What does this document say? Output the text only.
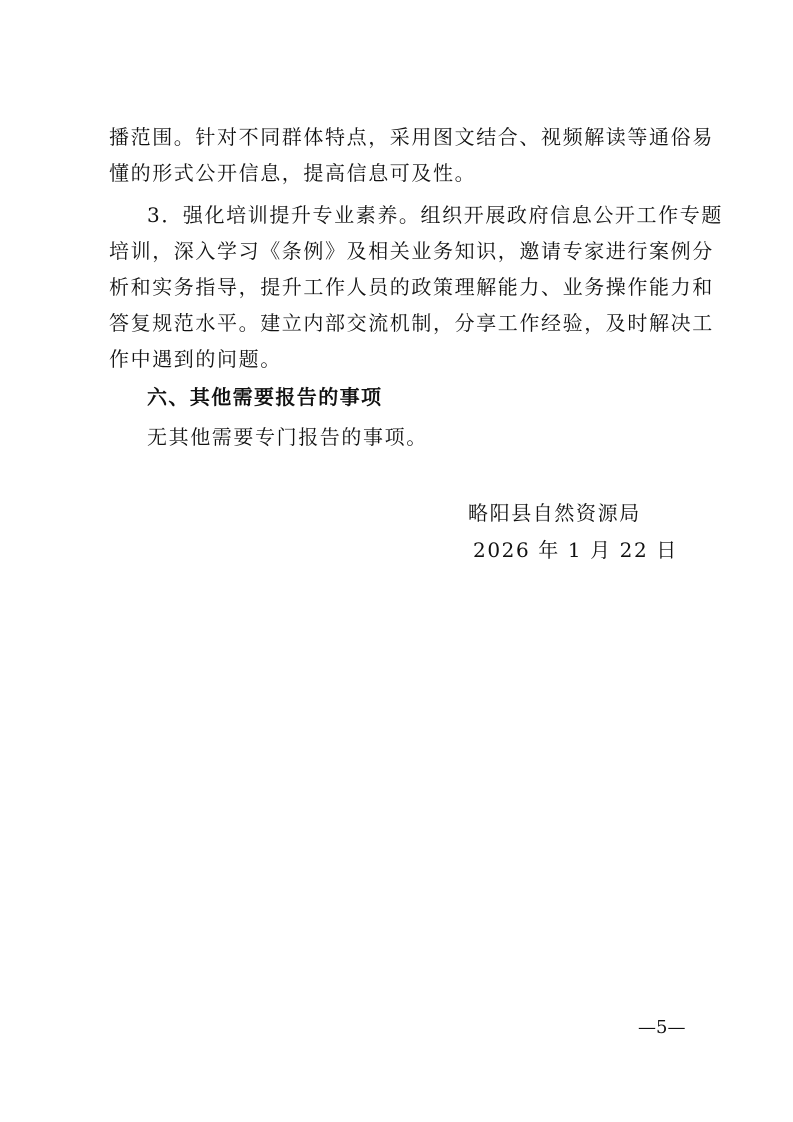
播范围。针对不同群体特点，采用图文结合、视频解读等通俗易
懂的形式公开信息，提高信息可及性。
3．强化培训提升专业素养。组织开展政府信息公开工作专题
培训，深入学习《条例》及相关业务知识，邀请专家进行案例分
析和实务指导，提升工作人员的政策理解能力、业务操作能力和
答复规范水平。建立内部交流机制，分享工作经验，及时解决工
作中遇到的问题。
六、其他需要报告的事项
无其他需要专门报告的事项。
略阳县自然资源局
2026 年 1 月 22 日
—5—
